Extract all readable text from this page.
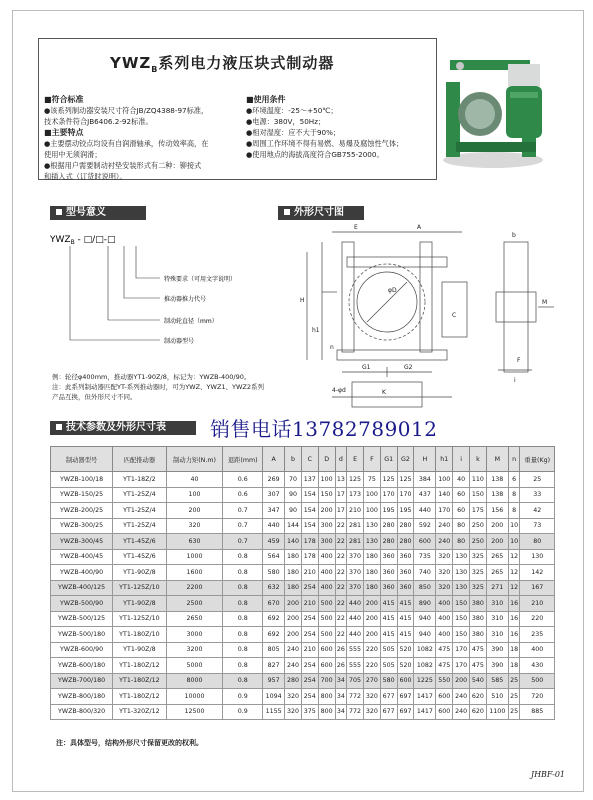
$YWZ_B$系列电力液压块式制动器
■符合标准

●该系列制动器安装尺寸符合JB/ZQ4388-97标准，

技术条件符合JB6406.2-92标准。

■主要特点

●主要摆动铰点均设有自润滑轴承，传动效率高，在

使用中无须润滑；

●根据用户需要制动衬垫安装形式有二种：铆接式

和插入式（订货时说明）。

■使用条件

●环境温度：-25～+50℃；

●电源：380V，50Hz；

●相对湿度：应不大于90%；

●周围工作环境不得有易燃、易爆及腐蚀性气体；

●使用地点的海拔高度符合GB755-2000。

型号意义	外形尺寸图
技术参数及外形尺寸表
$YWZ_B$ - □/□-□
特殊要求（可用文字说明）
推动器推力代号
制动轮直径（mm）
制动器型号
E	A
H
h1
C
G1	G2
F
M
K
4-φd
i
b
φD
n
例：轮径φ400mm，推动器YT1-90Z/8，标记为：YWZB-400/90。
注：此系列制动器匹配YT-系列推动器时，可为YWZ、YWZ1、YWZ2系列
产品互换，但外形尺寸不同。
销售电话13782789012
制动器型号	匹配推动器	制动力矩(N.m)	退距(mm)	A	b	C	D	d	E	F	G1	G2	H	h1	i	k	M	n	重量(Kg)
YWZB-100/18	YT1-18Z/2	40	0.6	269	70	137	100	13	125	75	125	125	384	100	40	110	138	6	25
YWZB-150/25	YT1-25Z/4	100	0.6	307	90	154	150	17	173	100	170	170	437	140	60	150	138	8	33
YWZB-200/25	YT1-25Z/4	200	0.7	347	90	154	200	17	210	100	195	195	440	170	60	175	156	8	42
YWZB-300/25	YT1-25Z/4	320	0.7	440	144	154	300	22	281	130	280	280	592	240	80	250	200	10	73
YWZB-300/45	YT1-45Z/6	630	0.7	459	140	178	300	22	281	130	280	280	600	240	80	250	200	10	80
YWZB-400/45	YT1-45Z/6	1000	0.8	564	180	178	400	22	370	180	360	360	735	320	130	325	265	12	130
YWZB-400/90	YT1-90Z/8	1600	0.8	580	180	210	400	22	370	180	360	360	740	320	130	325	265	12	142
YWZB-400/125	YT1-125Z/10	2200	0.8	632	180	254	400	22	370	180	360	360	850	320	130	325	271	12	167
YWZB-500/90	YT1-90Z/8	2500	0.8	670	200	210	500	22	440	200	415	415	890	400	150	380	310	16	210
YWZB-500/125	YT1-125Z/10	2650	0.8	692	200	254	500	22	440	200	415	415	940	400	150	380	310	16	220
YWZB-500/180	YT1-180Z/10	3000	0.8	692	200	254	500	22	440	200	415	415	940	400	150	380	310	16	235
YWZB-600/90	YT1-90Z/8	3200	0.8	805	240	210	600	26	555	220	505	520	1082	475	170	475	390	18	400
YWZB-600/180	YT1-180Z/12	5000	0.8	827	240	254	600	26	555	220	505	520	1082	475	170	475	390	18	430
YWZB-700/180	YT1-180Z/12	8000	0.8	957	280	254	700	34	705	270	580	600	1225	550	200	540	585	25	500
YWZB-800/180	YT1-180Z/12	10000	0.9	1094	320	254	800	34	772	320	677	697	1417	600	240	620	510	25	720
YWZB-800/320	YT1-320Z/12	12500	0.9	1155	320	375	800	34	772	320	677	697	1417	600	240	620	1100	25	885
注：具体型号，结构外形尺寸保留更改的权利。
JHBF-01
